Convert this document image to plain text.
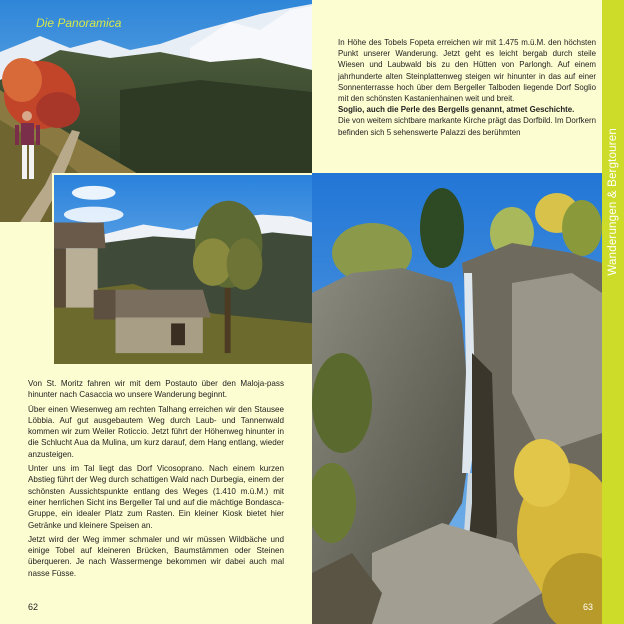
Die Panoramica

Von St. Moritz fahren wir mit dem Postauto über den Maloja-pass hinunter nach Casaccia wo unsere Wanderung beginnt.

Über einen Wiesenweg am rechten Talhang erreichen wir den Stausee Löbbia. Auf gut ausgebautem Weg durch Laub- und Tannenwald kommen wir zum Weiler Roticcio. Jetzt führt der Höhenweg hinunter in die Schlucht Aua da Mulina, um kurz darauf, dem Hang entlang, wieder anzusteigen.

Unter uns im Tal liegt das Dorf Vicosoprano. Nach einem kurzen Abstieg führt der Weg durch schattigen Wald nach Durbegia, einem der schönsten Aussichtspunkte entlang des Weges (1.410 m.ü.M.) mit einer herrlichen Sicht ins Bergeller Tal und auf die mächtige Bondasca-Gruppe, ein idealer Platz zum Rasten. Ein kleiner Kiosk bietet hier Getränke und kleinere Speisen an.

Jetzt wird der Weg immer schmaler und wir müssen Wildbäche und einige Tobel auf kleineren Brücken, Baumstämmen oder Steinen überqueren. Je nach Wassermenge bekommen wir dabei auch mal nasse Füsse.

62

In Höhe des Tobels Fopeta erreichen wir mit 1.475 m.ü.M. den höchsten Punkt unserer Wanderung. Jetzt geht es leicht bergab durch steile Wiesen und Laubwald bis zu den Hütten von Parlongh. Auf einem jahrhunderte alten Steinplattenweg steigen wir hinunter in das auf einer Sonnenterrasse hoch über dem Bergeller Talboden liegende Dorf Soglio mit den schönsten Kastanienhainen weit und breit.

Soglio, auch die Perle des Bergells genannt, atmet Geschichte.

Die von weitem sichtbare markante Kirche prägt das Dorfbild. Im Dorfkern befinden sich 5 sehenswerte Palazzi des berühmten

63
Wanderungen & Bergtouren
